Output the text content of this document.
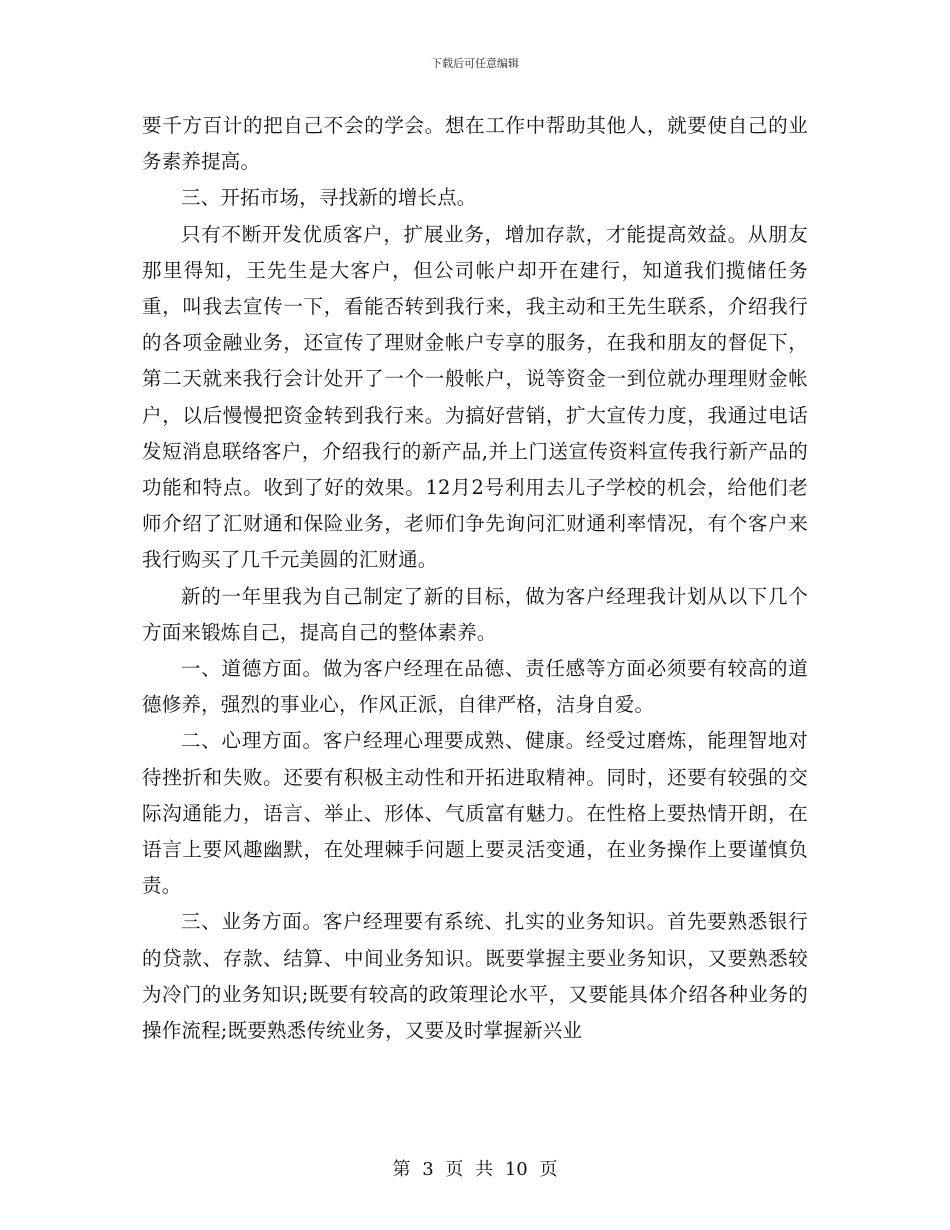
下载后可任意编辑

要千方百计的把自己不会的学会。想在工作中帮助其他人，就要使自己的业务素养提高。

三、开拓市场，寻找新的增长点。

只有不断开发优质客户，扩展业务，增加存款，才能提高效益。从朋友那里得知，王先生是大客户，但公司帐户却开在建行，知道我们揽储任务重，叫我去宣传一下，看能否转到我行来，我主动和王先生联系，介绍我行的各项金融业务，还宣传了理财金帐户专享的服务，在我和朋友的督促下，第二天就来我行会计处开了一个一般帐户，说等资金一到位就办理理财金帐户，以后慢慢把资金转到我行来。为搞好营销，扩大宣传力度，我通过电话发短消息联络客户，介绍我行的新产品,并上门送宣传资料宣传我行新产品的功能和特点。收到了好的效果。12月2号利用去儿子学校的机会，给他们老师介绍了汇财通和保险业务，老师们争先询问汇财通利率情况，有个客户来我行购买了几千元美圆的汇财通。

新的一年里我为自己制定了新的目标，做为客户经理我计划从以下几个方面来锻炼自己，提高自己的整体素养。

一、道德方面。做为客户经理在品德、责任感等方面必须要有较高的道德修养，强烈的事业心，作风正派，自律严格，洁身自爱。

二、心理方面。客户经理心理要成熟、健康。经受过磨炼，能理智地对待挫折和失败。还要有积极主动性和开拓进取精神。同时，还要有较强的交际沟通能力，语言、举止、形体、气质富有魅力。在性格上要热情开朗，在语言上要风趣幽默，在处理棘手问题上要灵活变通，在业务操作上要谨慎负责。

三、业务方面。客户经理要有系统、扎实的业务知识。首先要熟悉银行的贷款、存款、结算、中间业务知识。既要掌握主要业务知识，又要熟悉较为冷门的业务知识;既要有较高的政策理论水平，又要能具体介绍各种业务的操作流程;既要熟悉传统业务，又要及时掌握新兴业

第 3 页 共 10 页
